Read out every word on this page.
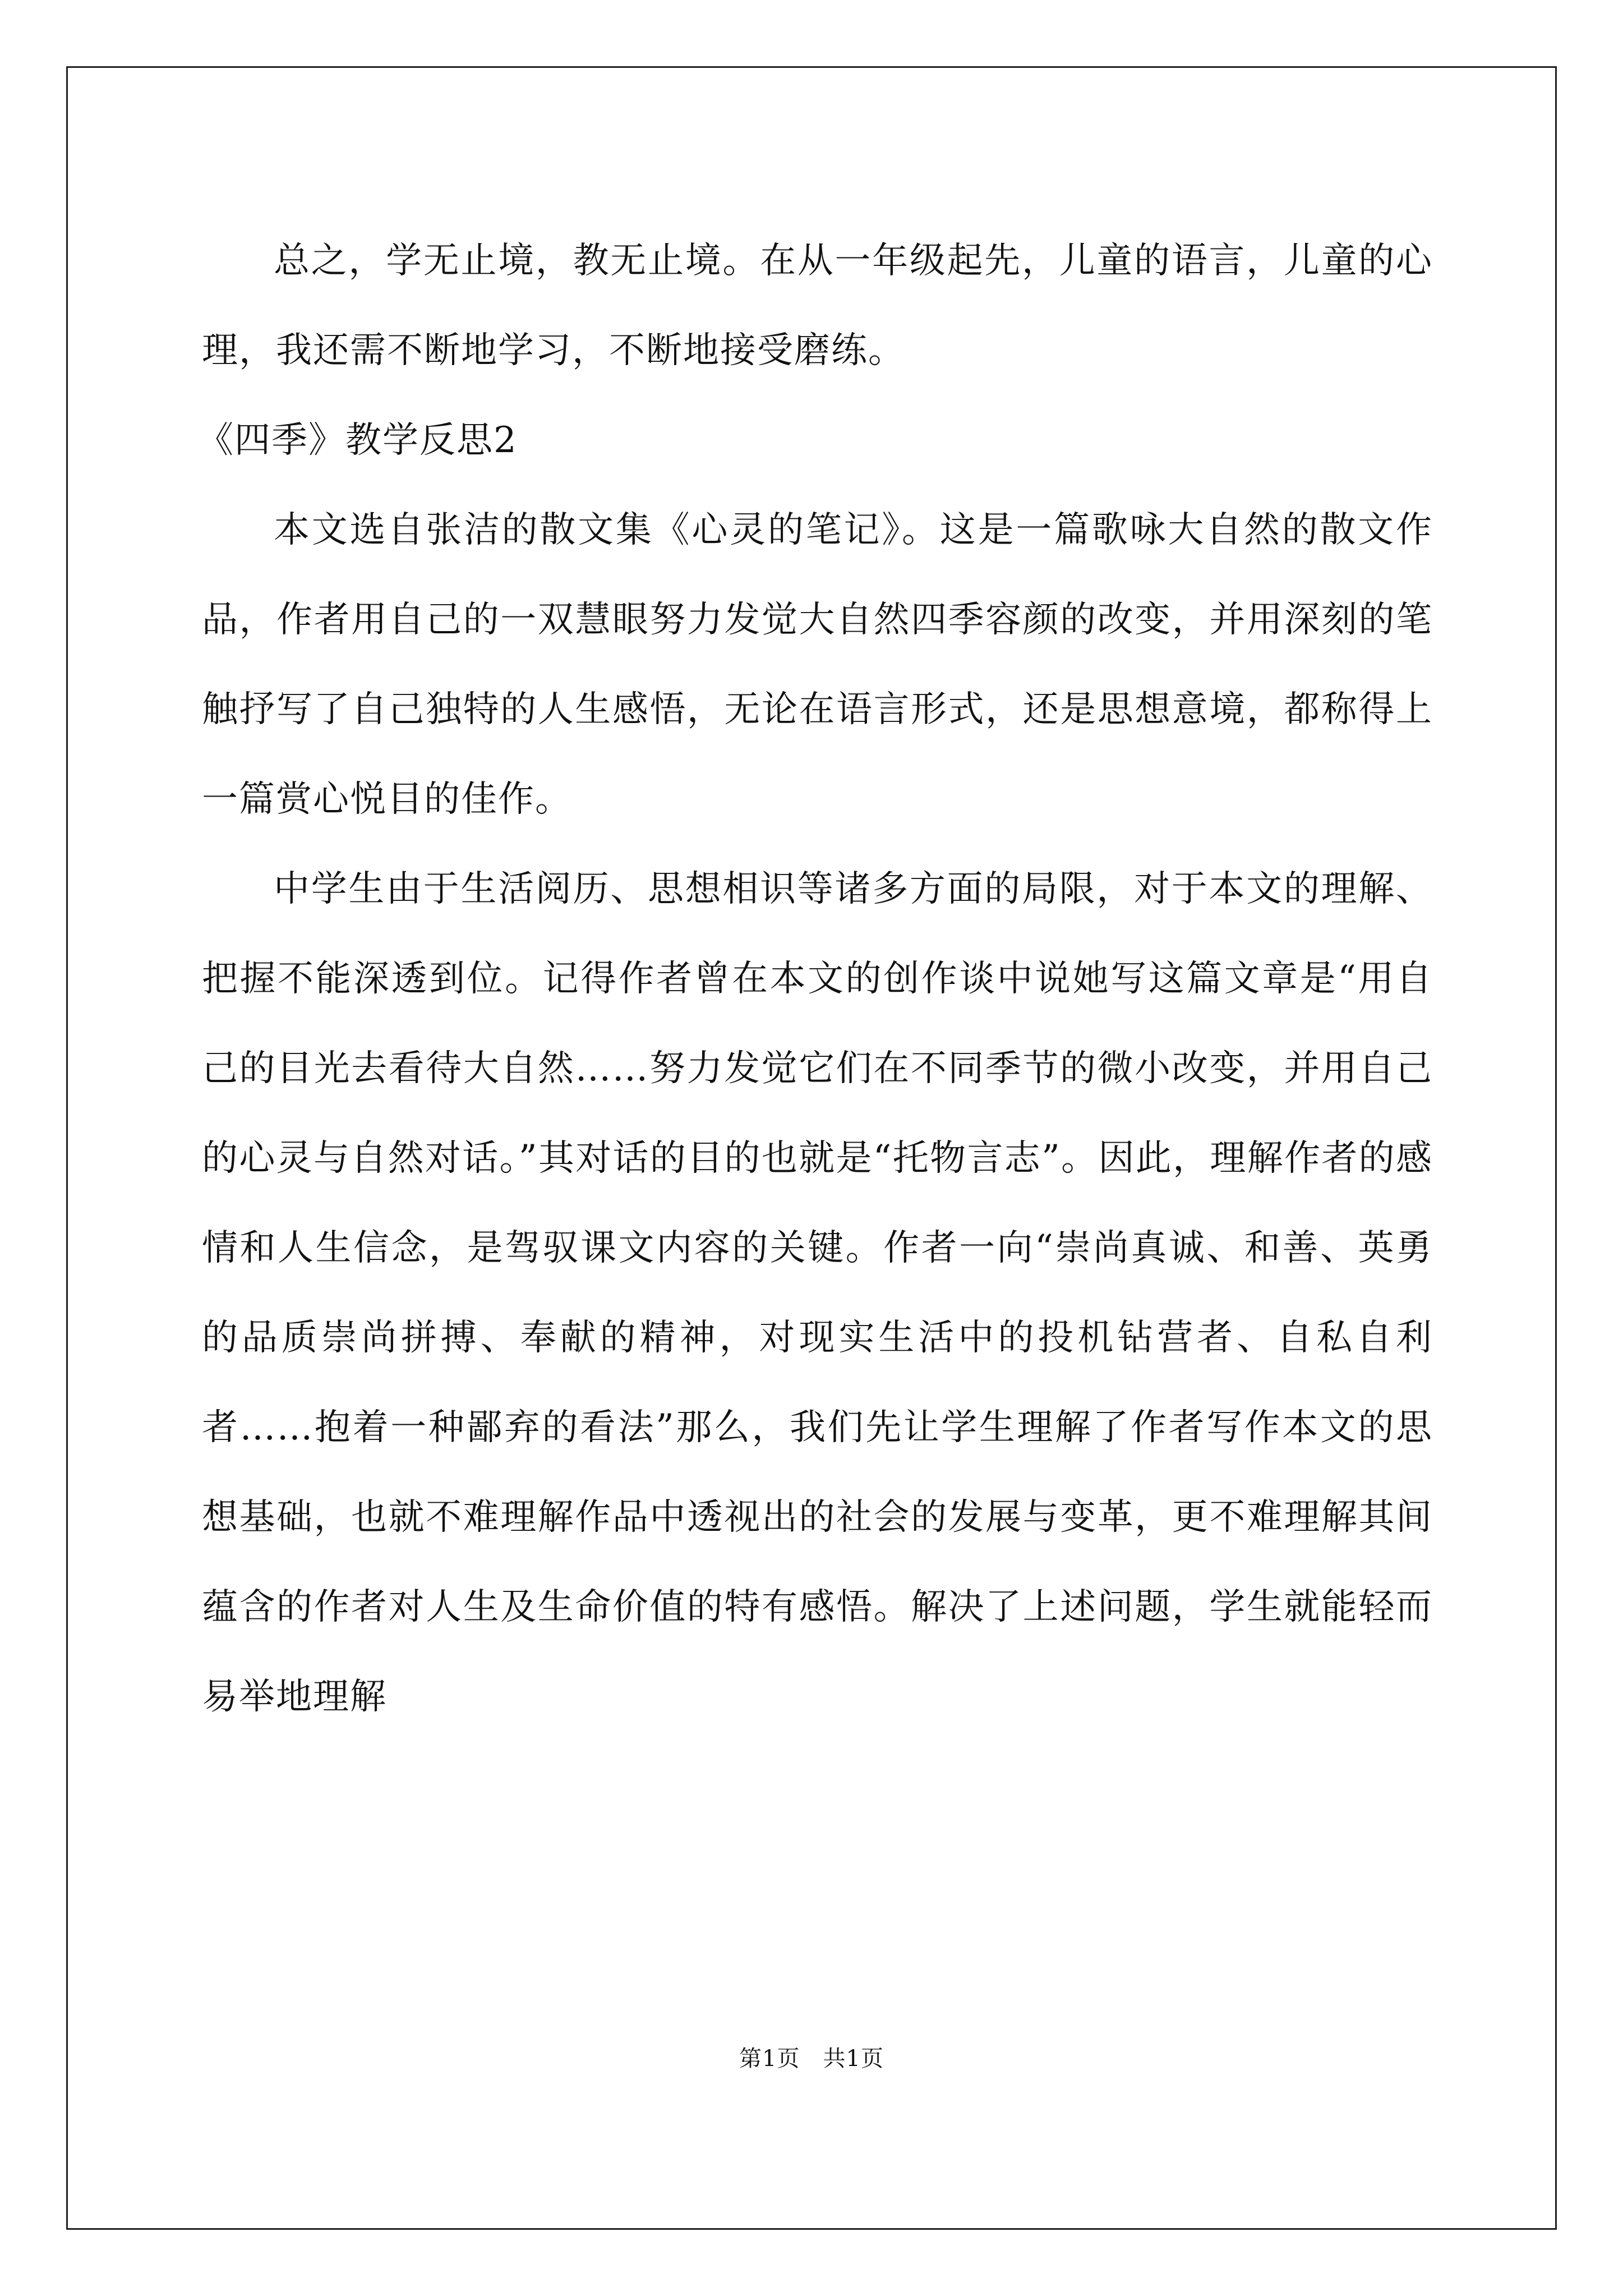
总之，学无止境，教无止境。在从一年级起先，儿童的语言，儿童的心理，我还需不断地学习，不断地接受磨练。

《四季》教学反思2

本文选自张洁的散文集《心灵的笔记》。这是一篇歌咏大自然的散文作品，作者用自己的一双慧眼努力发觉大自然四季容颜的改变，并用深刻的笔触抒写了自己独特的人生感悟，无论在语言形式，还是思想意境，都称得上一篇赏心悦目的佳作。

中学生由于生活阅历、思想相识等诸多方面的局限，对于本文的理解、把握不能深透到位。记得作者曾在本文的创作谈中说她写这篇文章是“用自己的目光去看待大自然……努力发觉它们在不同季节的微小改变，并用自己的心灵与自然对话。”其对话的目的也就是“托物言志”。因此，理解作者的感情和人生信念，是驾驭课文内容的关键。作者一向“崇尚真诚、和善、英勇的品质崇尚拼搏、奉献的精神，对现实生活中的投机钻营者、自私自利者……抱着一种鄙弃的看法”那么，我们先让学生理解了作者写作本文的思想基础，也就不难理解作品中透视出的社会的发展与变革，更不难理解其间蕴含的作者对人生及生命价值的特有感悟。解决了上述问题，学生就能轻而易举地理解

第1页　共1页
